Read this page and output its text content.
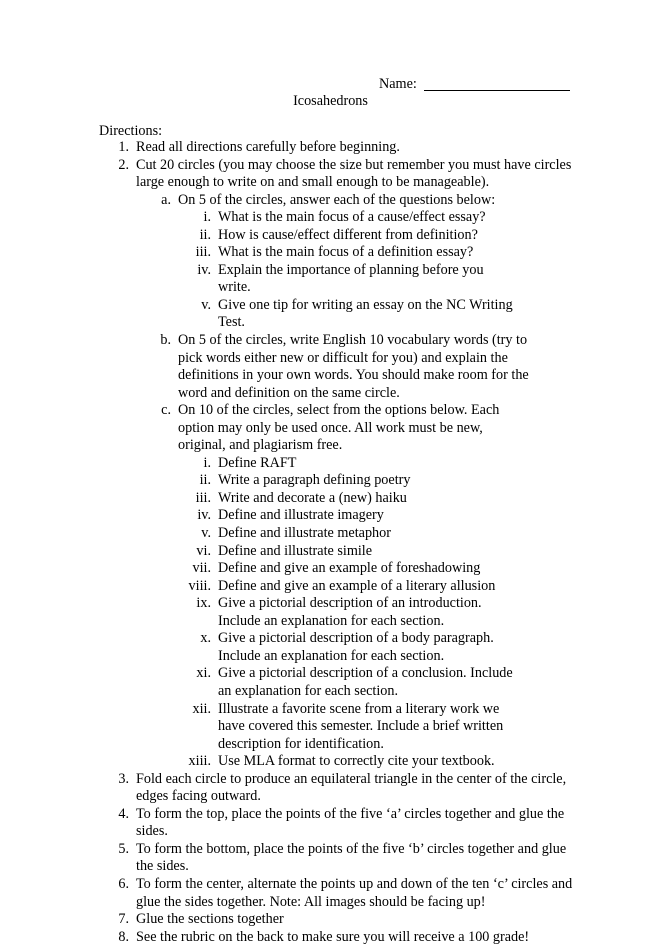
Name:
Icosahedrons
Directions:
1. Read all directions carefully before beginning.
2. Cut 20 circles (you may choose the size but remember you must have circles large enough to write on and small enough to be manageable).
a. On 5 of the circles, answer each of the questions below:
i. What is the main focus of a cause/effect essay?
ii. How is cause/effect different from definition?
iii. What is the main focus of a definition essay?
iv. Explain the importance of planning before you write.
v. Give one tip for writing an essay on the NC Writing Test.
b. On 5 of the circles, write English 10 vocabulary words (try to pick words either new or difficult for you) and explain the definitions in your own words. You should make room for the word and definition on the same circle.
c. On 10 of the circles, select from the options below. Each option may only be used once. All work must be new, original, and plagiarism free.
i. Define RAFT
ii. Write a paragraph defining poetry
iii. Write and decorate a (new) haiku
iv. Define and illustrate imagery
v. Define and illustrate metaphor
vi. Define and illustrate simile
vii. Define and give an example of foreshadowing
viii. Define and give an example of a literary allusion
ix. Give a pictorial description of an introduction. Include an explanation for each section.
x. Give a pictorial description of a body paragraph. Include an explanation for each section.
xi. Give a pictorial description of a conclusion. Include an explanation for each section.
xii. Illustrate a favorite scene from a literary work we have covered this semester. Include a brief written description for identification.
xiii. Use MLA format to correctly cite your textbook.
3. Fold each circle to produce an equilateral triangle in the center of the circle, edges facing outward.
4. To form the top, place the points of the five ‘a’ circles together and glue the sides.
5. To form the bottom, place the points of the five ‘b’ circles together and glue the sides.
6. To form the center, alternate the points up and down of the ten ‘c’ circles and glue the sides together. Note: All images should be facing up!
7. Glue the sections together
8. See the rubric on the back to make sure you will receive a 100 grade!
